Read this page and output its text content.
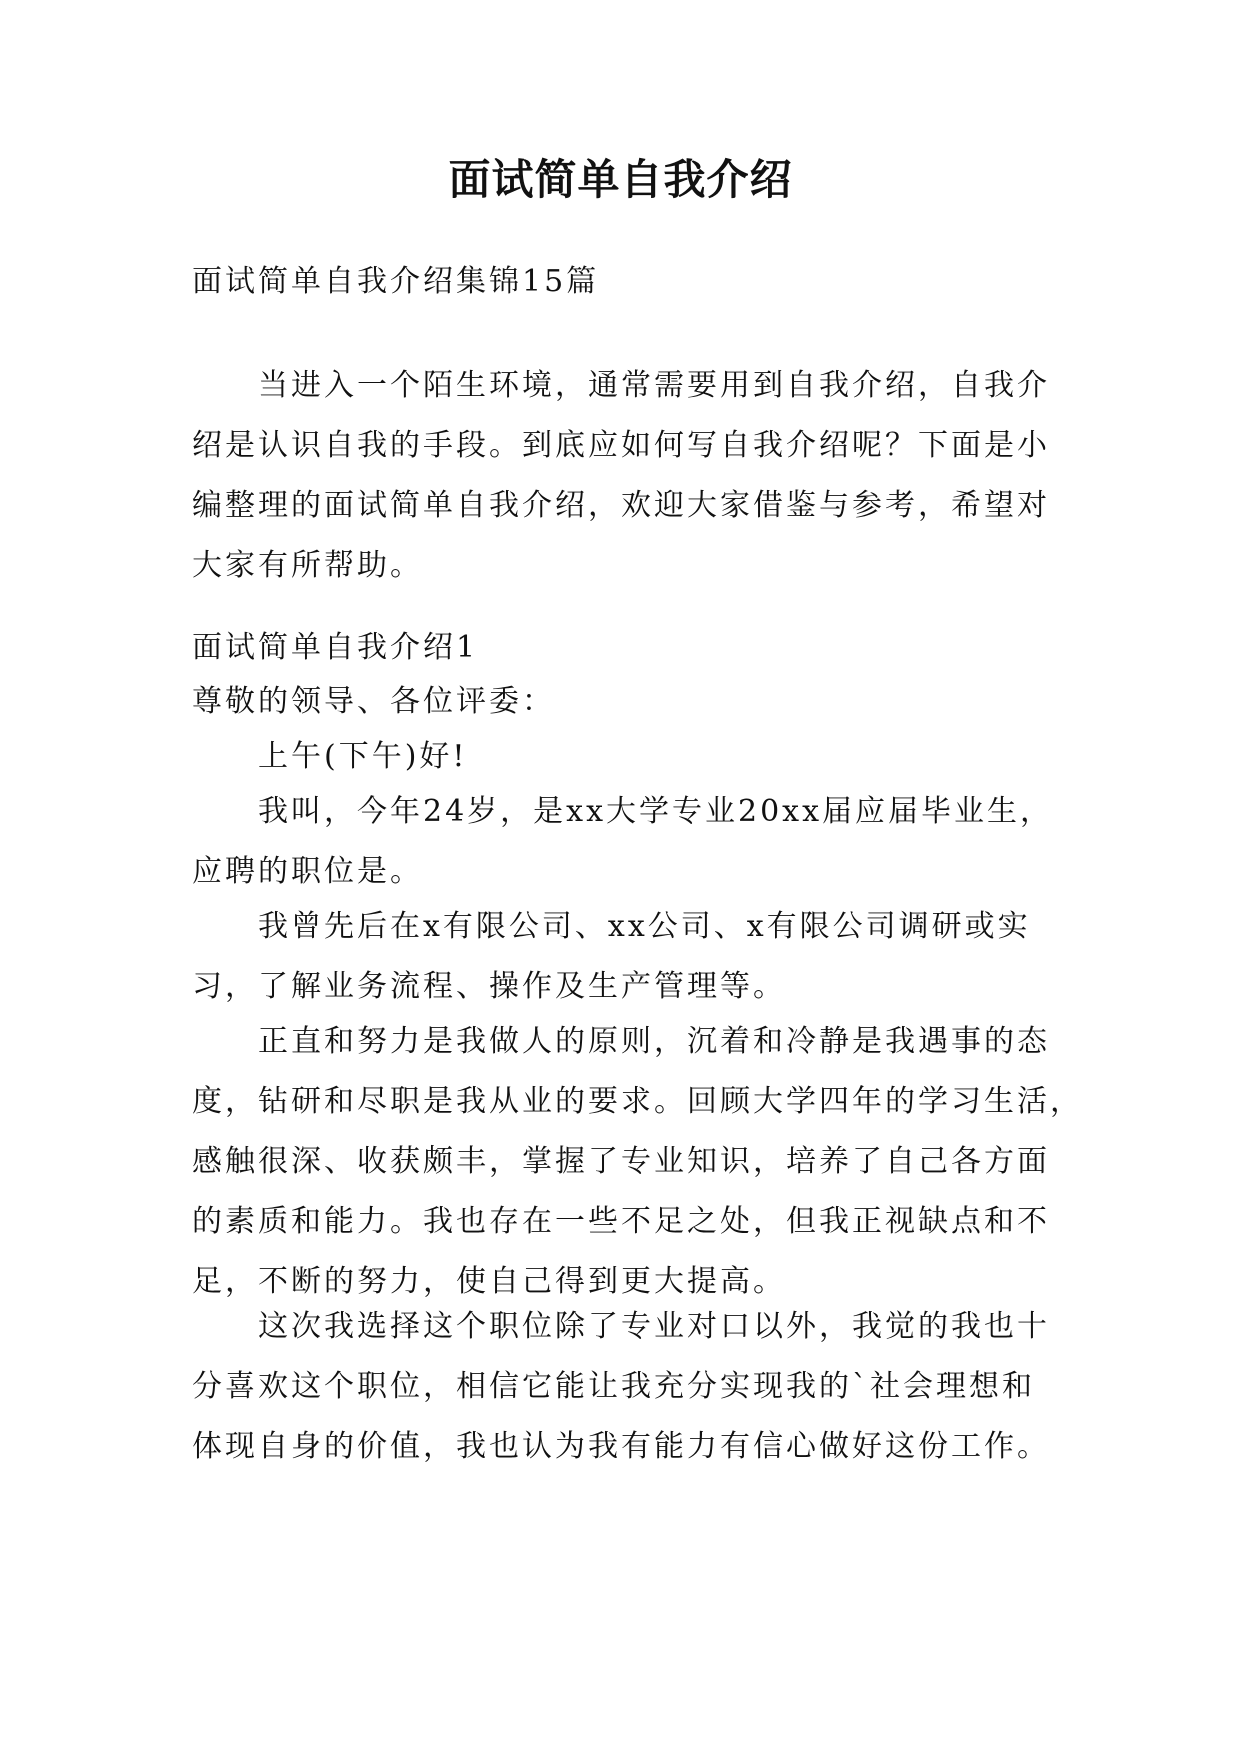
面试简单自我介绍

面试简单自我介绍集锦15篇

当进入一个陌生环境，通常需要用到自我介绍，自我介
绍是认识自我的手段。到底应如何写自我介绍呢？下面是小
编整理的面试简单自我介绍，欢迎大家借鉴与参考，希望对
大家有所帮助。

面试简单自我介绍1

尊敬的领导、各位评委：

上午(下午)好!

我叫，今年24岁，是xx大学专业20xx届应届毕业生，
应聘的职位是。
我曾先后在x有限公司、xx公司、x有限公司调研或实
习，了解业务流程、操作及生产管理等。
正直和努力是我做人的原则，沉着和冷静是我遇事的态
度，钻研和尽职是我从业的要求。回顾大学四年的学习生活，
感触很深、收获颇丰，掌握了专业知识，培养了自己各方面
的素质和能力。我也存在一些不足之处，但我正视缺点和不
足，不断的努力，使自己得到更大提高。
这次我选择这个职位除了专业对口以外，我觉的我也十
分喜欢这个职位，相信它能让我充分实现我的`社会理想和
体现自身的价值，我也认为我有能力有信心做好这份工作。
